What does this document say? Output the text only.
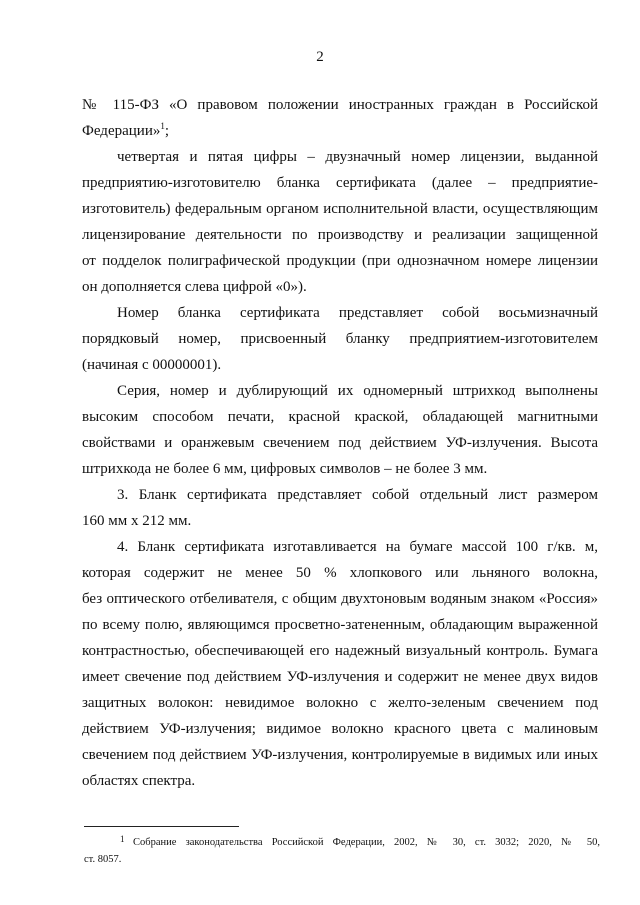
2
№ 115-ФЗ «О правовом положении иностранных граждан в Российской
Федерации»$^1$;
четвертая и пятая цифры – двузначный номер лицензии, выданной
предприятию-изготовителю бланка сертификата (далее – предприятие-
изготовитель) федеральным органом исполнительной власти, осуществляющим
лицензирование деятельности по производству и реализации защищенной
от подделок полиграфической продукции (при однозначном номере лицензии
он дополняется слева цифрой «0»).
Номер бланка сертификата представляет собой восьмизначный
порядковый номер, присвоенный бланку предприятием-изготовителем
(начиная с 00000001).
Серия, номер и дублирующий их одномерный штрихкод выполнены
высоким способом печати, красной краской, обладающей магнитными
свойствами и оранжевым свечением под действием УФ-излучения. Высота
штрихкода не более 6 мм, цифровых символов – не более 3 мм.
3. Бланк сертификата представляет собой отдельный лист размером
160 мм х 212 мм.
4. Бланк сертификата изготавливается на бумаге массой 100 г/кв. м,
которая содержит не менее 50 % хлопкового или льняного волокна,
без оптического отбеливателя, с общим двухтоновым водяным знаком «Россия»
по всему полю, являющимся просветно-затененным, обладающим выраженной
контрастностью, обеспечивающей его надежный визуальный контроль. Бумага
имеет свечение под действием УФ-излучения и содержит не менее двух видов
защитных волокон: невидимое волокно с желто-зеленым свечением под
действием УФ-излучения; видимое волокно красного цвета с малиновым
свечением под действием УФ-излучения, контролируемые в видимых или иных
областях спектра.
1 Собрание законодательства Российской Федерации, 2002, № 30, ст. 3032; 2020, № 50,
ст. 8057.
